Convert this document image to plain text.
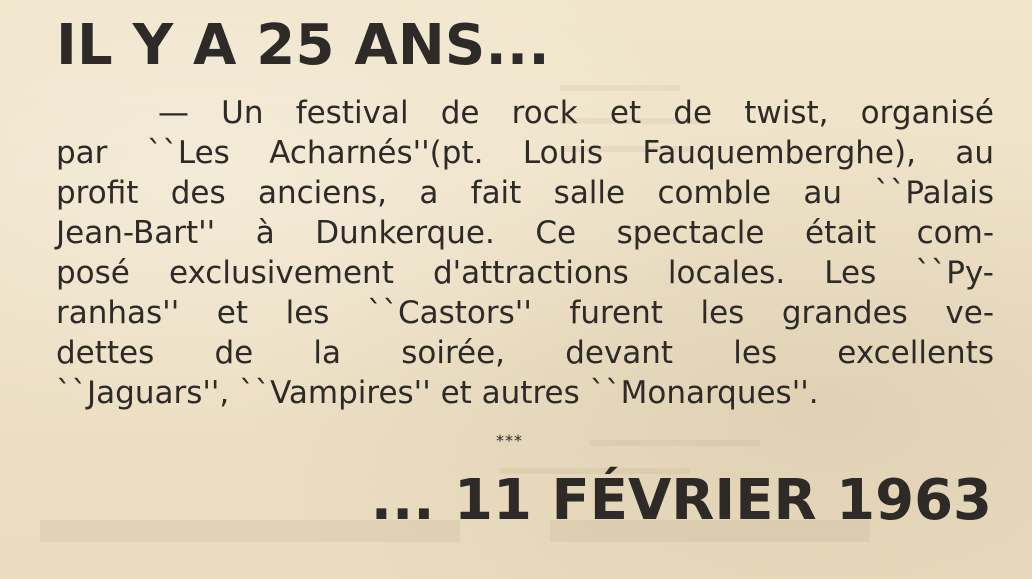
IL Y A 25 ANS...
— Un festival de rock et de twist, organisé
par ``Les Acharnés''(pt. Louis Fauquemberghe), au
profit des anciens, a fait salle comble au ``Palais
Jean-Bart'' à Dunkerque. Ce spectacle était com-
posé exclusivement d'attractions locales. Les ``Py-
ranhas'' et les ``Castors'' furent les grandes ve-
dettes de la soirée, devant les excellents
``Jaguars'', ``Vampires'' et autres ``Monarques''.
***
... 11 FÉVRIER 1963
